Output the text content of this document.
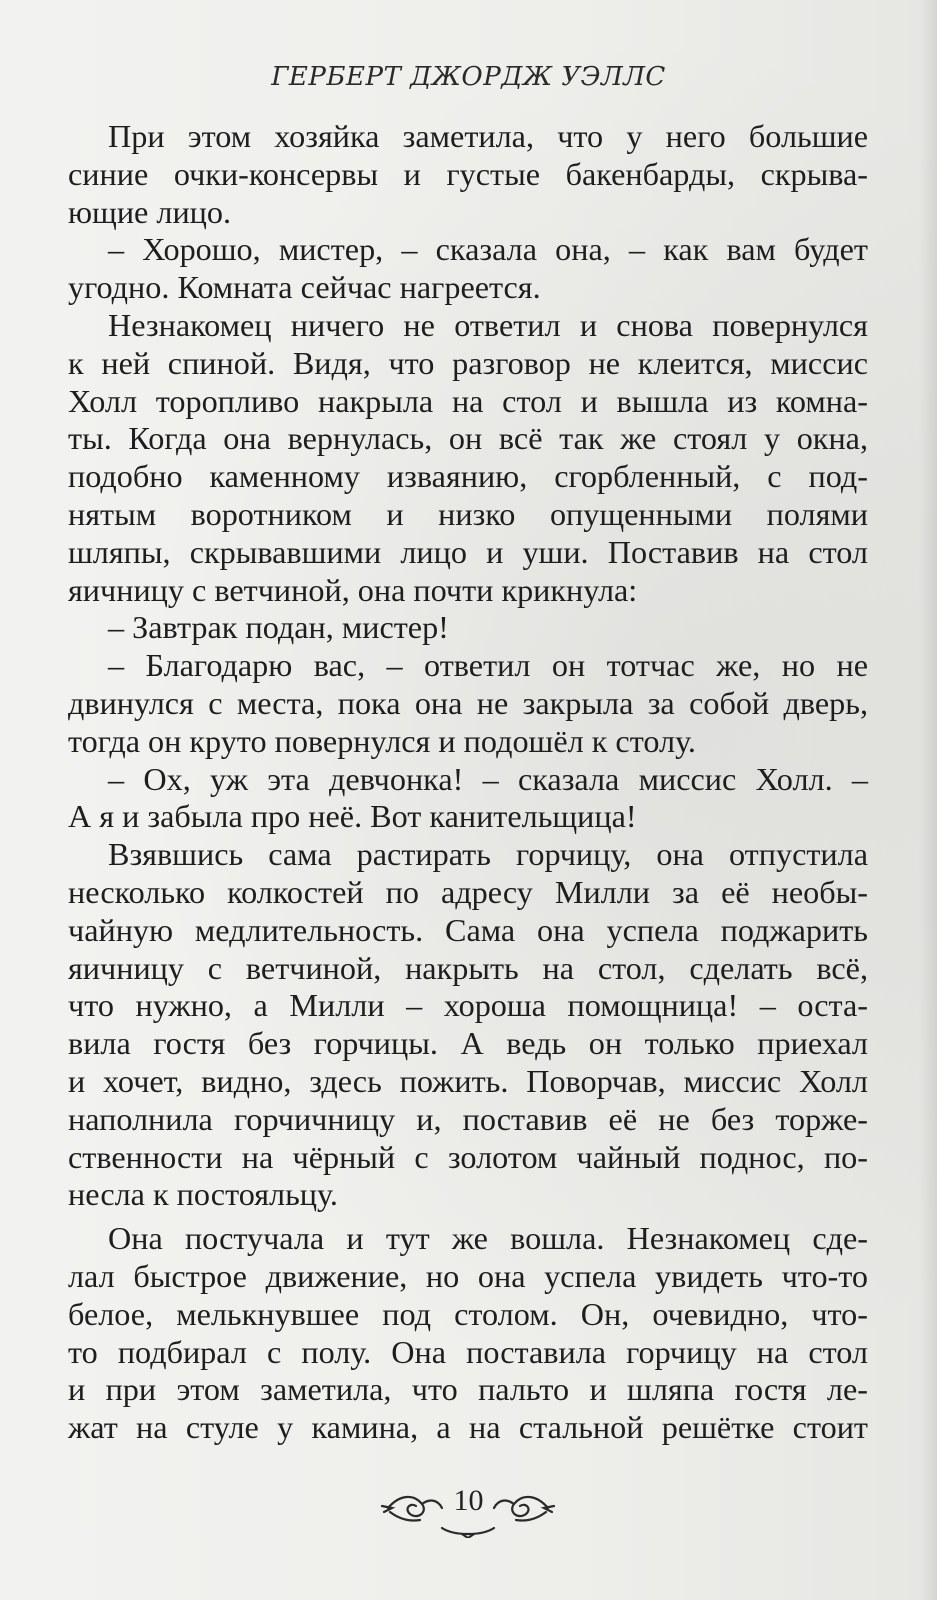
ГЕРБЕРТ ДЖОРДЖ УЭЛЛС
При этом хозяйка заметила, что у него большие
синие очки-консервы и густые бакенбарды, скрыва-
ющие лицо.
– Хорошо, мистер, – сказала она, – как вам будет
угодно. Комната сейчас нагреется.
Незнакомец ничего не ответил и снова повернулся
к ней спиной. Видя, что разговор не клеится, миссис
Холл торопливо накрыла на стол и вышла из комна-
ты. Когда она вернулась, он всё так же стоял у окна,
подобно каменному изваянию, сгорбленный, с под-
нятым воротником и низко опущенными полями
шляпы, скрывавшими лицо и уши. Поставив на стол
яичницу с ветчиной, она почти крикнула:
– Завтрак подан, мистер!
– Благодарю вас, – ответил он тотчас же, но не
двинулся с места, пока она не закрыла за собой дверь,
тогда он круто повернулся и подошёл к столу.
– Ох, уж эта девчонка! – сказала миссис Холл. –
А я и забыла про неё. Вот канительщица!
Взявшись сама растирать горчицу, она отпустила
несколько колкостей по адресу Милли за её необы-
чайную медлительность. Сама она успела поджарить
яичницу с ветчиной, накрыть на стол, сделать всё,
что нужно, а Милли – хороша помощница! – оста-
вила гостя без горчицы. А ведь он только приехал
и хочет, видно, здесь пожить. Поворчав, миссис Холл
наполнила горчичницу и, поставив её не без торже-
ственности на чёрный с золотом чайный поднос, по-
несла к постояльцу.
Она постучала и тут же вошла. Незнакомец сде-
лал быстрое движение, но она успела увидеть что-то
белое, мелькнувшее под столом. Он, очевидно, что-
то подбирал с полу. Она поставила горчицу на стол
и при этом заметила, что пальто и шляпа гостя ле-
жат на стуле у камина, а на стальной решётке стоит
10
